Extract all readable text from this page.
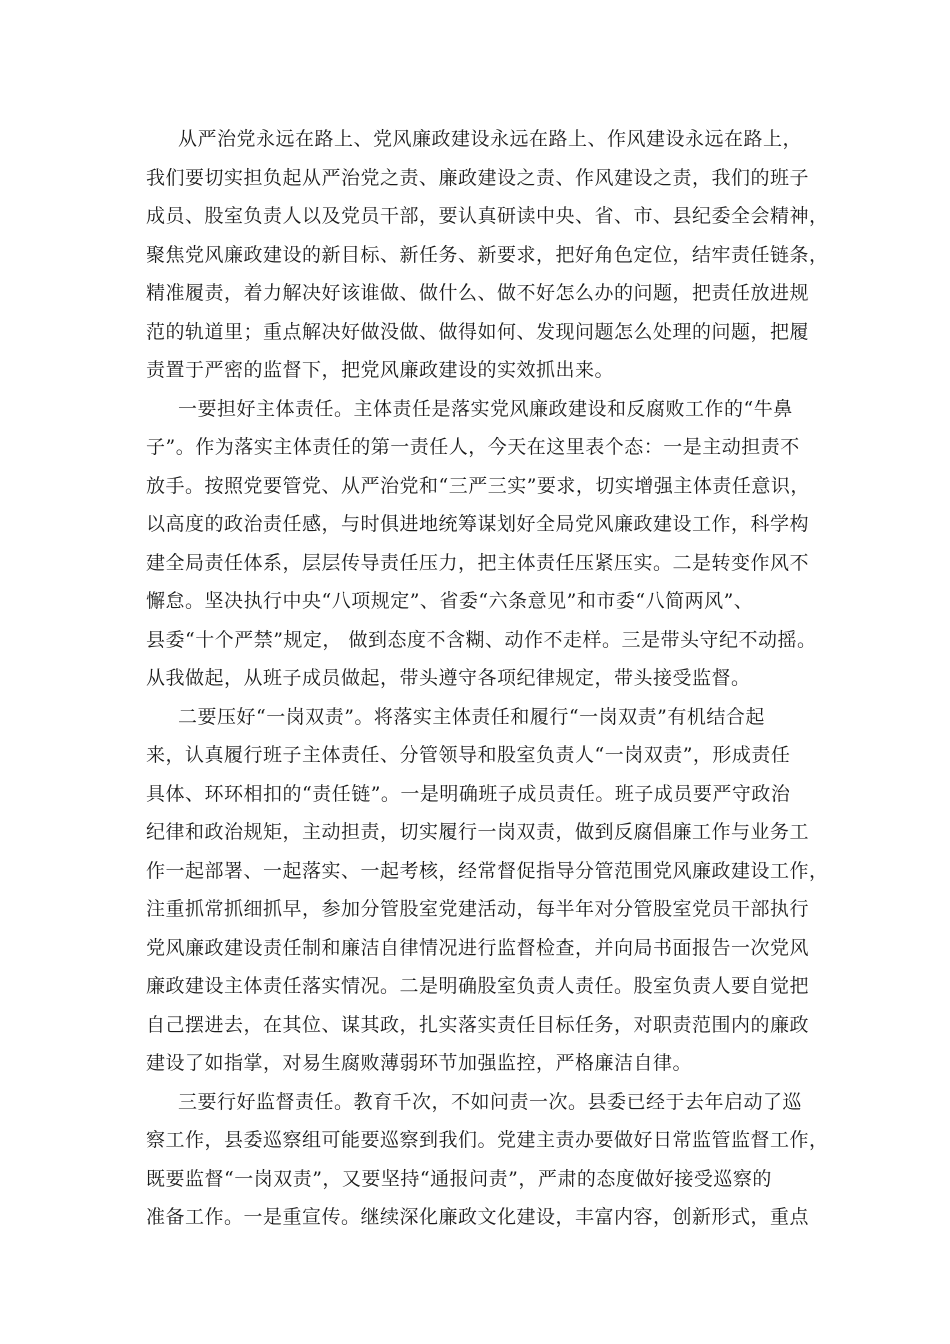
从严治党永远在路上、党风廉政建设永远在路上、作风建设永远在路上，
我们要切实担负起从严治党之责、廉政建设之责、作风建设之责，我们的班子
成员、股室负责人以及党员干部，要认真研读中央、省、市、县纪委全会精神，
聚焦党风廉政建设的新目标、新任务、新要求，把好角色定位，结牢责任链条，
精准履责，着力解决好该谁做、做什么、做不好怎么办的问题，把责任放进规
范的轨道里；重点解决好做没做、做得如何、发现问题怎么处理的问题，把履
责置于严密的监督下，把党风廉政建设的实效抓出来。
一要担好主体责任。主体责任是落实党风廉政建设和反腐败工作的“牛鼻
子”。作为落实主体责任的第一责任人，今天在这里表个态：一是主动担责不
放手。按照党要管党、从严治党和“三严三实”要求，切实增强主体责任意识，
以高度的政治责任感，与时俱进地统筹谋划好全局党风廉政建设工作，科学构
建全局责任体系，层层传导责任压力，把主体责任压紧压实。二是转变作风不
懈怠。坚决执行中央“八项规定”、省委“六条意见”和市委“八简两风”、
县委“十个严禁”规定， 做到态度不含糊、动作不走样。三是带头守纪不动摇。
从我做起，从班子成员做起，带头遵守各项纪律规定，带头接受监督。
二要压好“一岗双责”。将落实主体责任和履行“一岗双责”有机结合起
来，认真履行班子主体责任、分管领导和股室负责人“一岗双责”，形成责任
具体、环环相扣的“责任链”。一是明确班子成员责任。班子成员要严守政治
纪律和政治规矩，主动担责，切实履行一岗双责，做到反腐倡廉工作与业务工
作一起部署、一起落实、一起考核，经常督促指导分管范围党风廉政建设工作，
注重抓常抓细抓早，参加分管股室党建活动，每半年对分管股室党员干部执行
党风廉政建设责任制和廉洁自律情况进行监督检查，并向局书面报告一次党风
廉政建设主体责任落实情况。二是明确股室负责人责任。股室负责人要自觉把
自己摆进去，在其位、谋其政，扎实落实责任目标任务，对职责范围内的廉政
建设了如指掌，对易生腐败薄弱环节加强监控，严格廉洁自律。
三要行好监督责任。教育千次，不如问责一次。县委已经于去年启动了巡
察工作，县委巡察组可能要巡察到我们。党建主责办要做好日常监管监督工作，
既要监督“一岗双责”，又要坚持“通报问责”，严肃的态度做好接受巡察的
准备工作。一是重宣传。继续深化廉政文化建设，丰富内容，创新形式，重点
